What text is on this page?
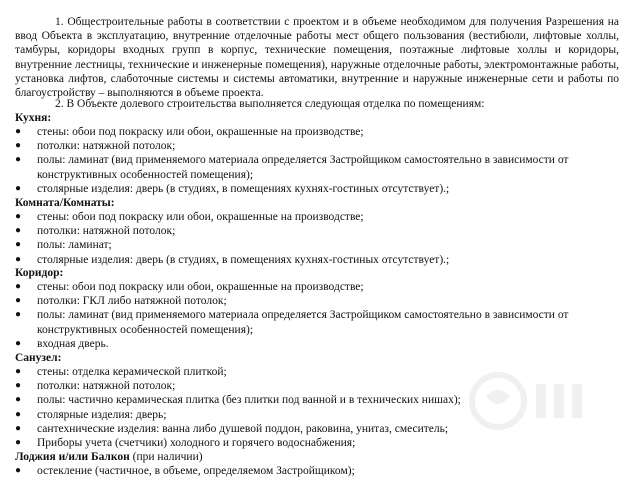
1. Общестроительные работы в соответствии с проектом и в объеме необходимом для получения Разрешения на ввод Объекта в эксплуатацию, внутренние отделочные работы мест общего пользования (вестибюли, лифтовые холлы, тамбуры, коридоры входных групп в корпус, технические помещения, поэтажные лифтовые холлы и коридоры, внутренние лестницы, технические и инженерные помещения), наружные отделочные работы, электромонтажные работы, установка лифтов, слаботочные системы и системы автоматики, внутренние и наружные инженерные сети и работы по благоустройству – выполняются в объеме проекта.
2. В Объекте долевого строительства выполняется следующая отделка по помещениям:
Кухня:
●	стены: обои под покраску или обои, окрашенные на производстве;
●	потолки: натяжной потолок;
●	полы: ламинат (вид применяемого материала определяется Застройщиком самостоятельно в зависимости от конструктивных особенностей помещения);
●	столярные изделия: дверь (в студиях, в помещениях кухнях-гостиных отсутствует).;
Комната/Комнаты:
●	стены: обои под покраску или обои, окрашенные на производстве;
●	потолки: натяжной потолок;
●	полы: ламинат;
●	столярные изделия: дверь (в студиях, в помещениях кухнях-гостиных отсутствует).;
Коридор:
●	стены: обои под покраску или обои, окрашенные на производстве;
●	потолки: ГКЛ либо натяжной потолок;
●	полы: ламинат (вид применяемого материала определяется Застройщиком самостоятельно в зависимости от конструктивных особенностей помещения);
●	входная дверь.
Санузел:
●	стены: отделка керамической плиткой;
●	потолки: натяжной потолок;
●	полы: частично керамическая плитка (без плитки под ванной и в технических нишах);
●	столярные изделия: дверь;
●	сантехнические изделия: ванна либо душевой поддон, раковина, унитаз, смеситель;
●	Приборы учета (счетчики) холодного и горячего водоснабжения;
Лоджия и/или Балкон (при наличии)
●	остекление (частичное, в объеме, определяемом Застройщиком);
